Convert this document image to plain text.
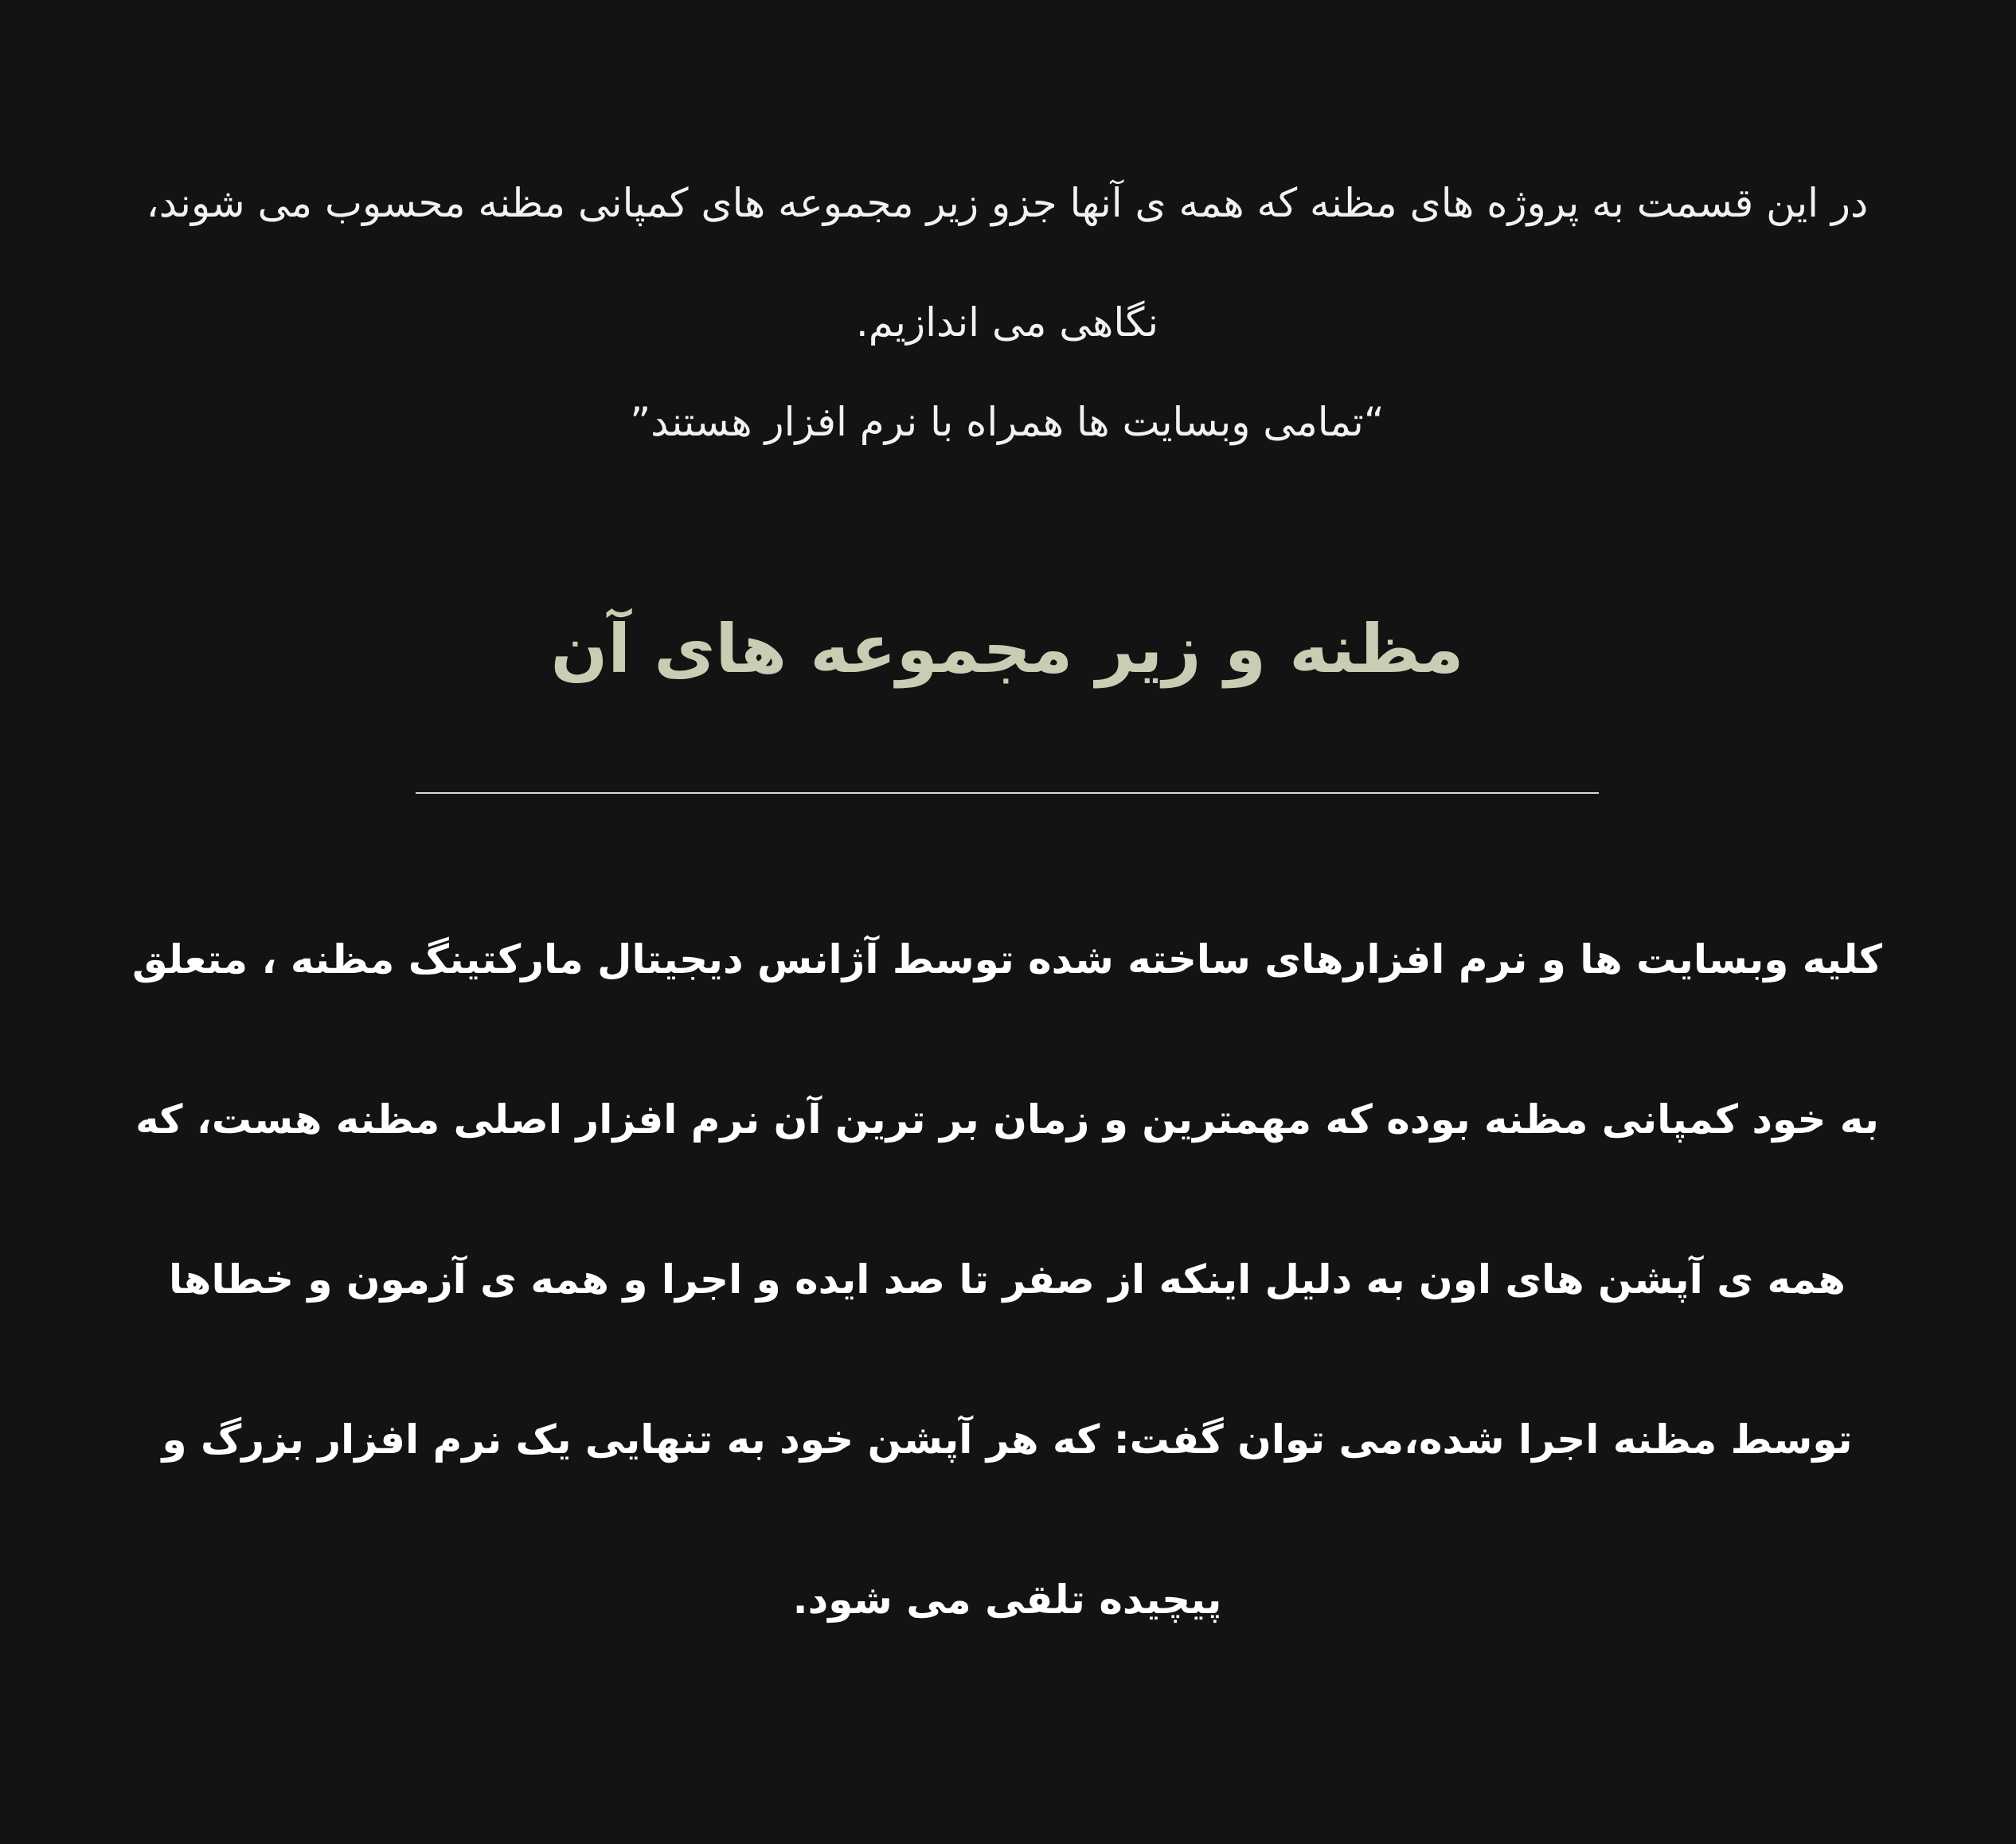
در این قسمت به پروژه های مظنه که همه ی آنها جزو زیر مجموعه های کمپانی مظنه محسوب می شوند، نگاهی می اندازیم.

“تمامی وبسایت ها همراه با نرم افزار هستند”

مظنه و زیر مجموعه های آن

کلیه وبسایت ها و نرم افزارهای ساخته شده توسط آژانس دیجیتال مارکتینگ مظنه ، متعلق به خود کمپانی مظنه بوده که مهمترین و زمان بر ترین آن نرم افزار اصلی مظنه هست، که همه ی آپشن های اون به دلیل اینکه از صفر تا صد ایده و اجرا و همه ی آزمون و خطاها توسط مظنه اجرا شده،می توان گفت: که هر آپشن خود به تنهایی یک نرم افزار بزرگ و پیچیده تلقی می شود.
